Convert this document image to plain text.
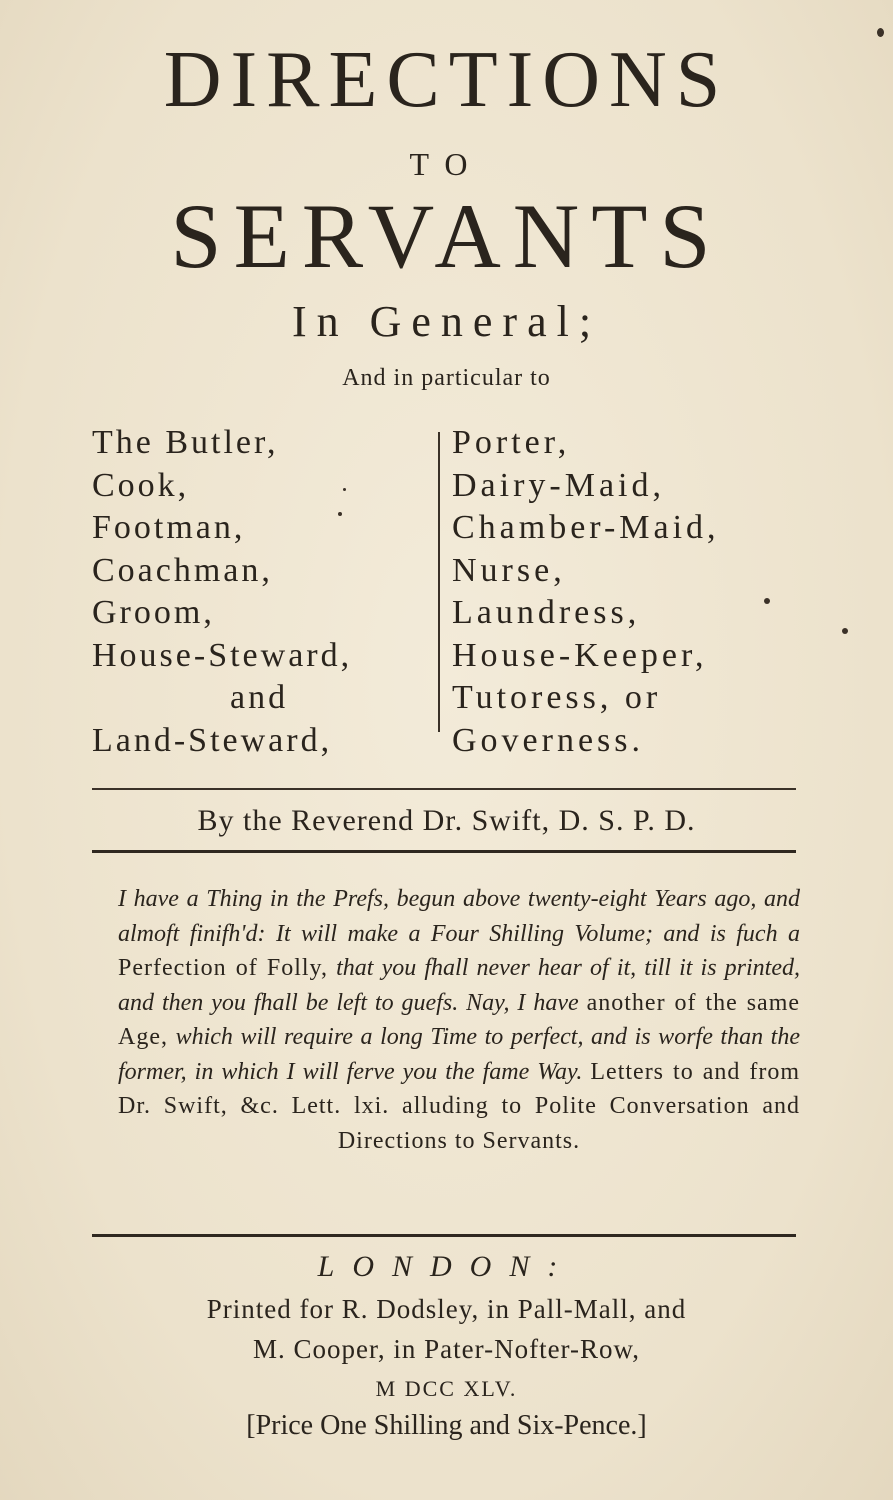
DIRECTIONS
TO
SERVANTS
In General;
And in particular to
The Butler,
Cook,
Footman,
Coachman,
Groom,
House-Steward,
and
Land-Steward,
Porter,
Dairy-Maid,
Chamber-Maid,
Nurse,
Laundress,
House-Keeper,
Tutoress, or
Governess.
By the Reverend Dr. Swift, D. S. P. D.
I have a Thing in the Prefs, begun above twenty-eight Years ago, and almoft finifh'd: It will make a Four Shilling Volume; and is fuch a Perfection of Folly, that you fhall never hear of it, till it is printed, and then you fhall be left to guefs. Nay, I have another of the same Age, which will require a long Time to perfect, and is worfe than the former, in which I will ferve you the fame Way. Letters to and from Dr. Swift, &c. Lett. lxi. alluding to Polite Conversation and Directions to Servants.
LONDON:
Printed for R. Dodsley, in Pall-Mall, and
M. Cooper, in Pater-Nofter-Row,
M DCC XLV.
[Price One Shilling and Six-Pence.]
